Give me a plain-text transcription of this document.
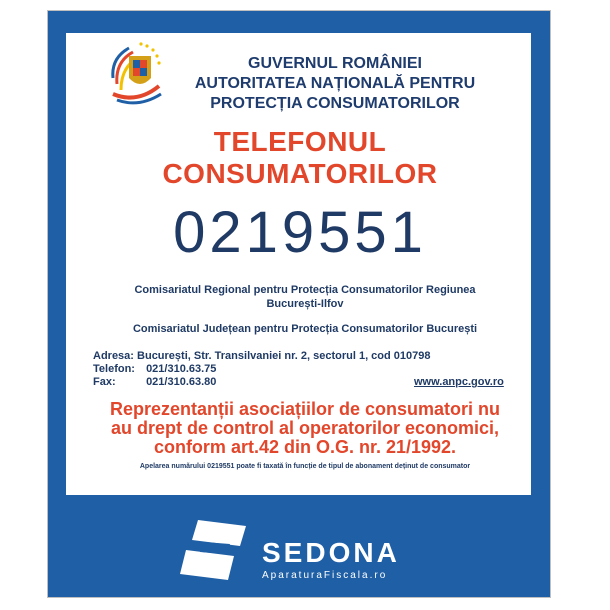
GUVERNUL ROMÂNIEI
AUTORITATEA NAȚIONALĂ PENTRU
PROTECȚIA CONSUMATORILOR
TELEFONUL
CONSUMATORILOR
0219551
Comisariatul Regional pentru Protecția Consumatorilor Regiunea
București-Ilfov
Comisariatul Județean pentru Protecția Consumatorilor București
Adresa: București, Str. Transilvaniei nr. 2, sectorul 1, cod 010798
Telefon: 021/310.63.75
Fax:	021/310.63.80	www.anpc.gov.ro
Reprezentanții asociațiilor de consumatori nu
au drept de control al operatorilor economici,
conform art.42 din O.G. nr. 21/1992.
Apelarea numărului 0219551 poate fi taxată în funcție de tipul de abonament deținut de consumator
SEDONA
AparaturaFiscala.ro
